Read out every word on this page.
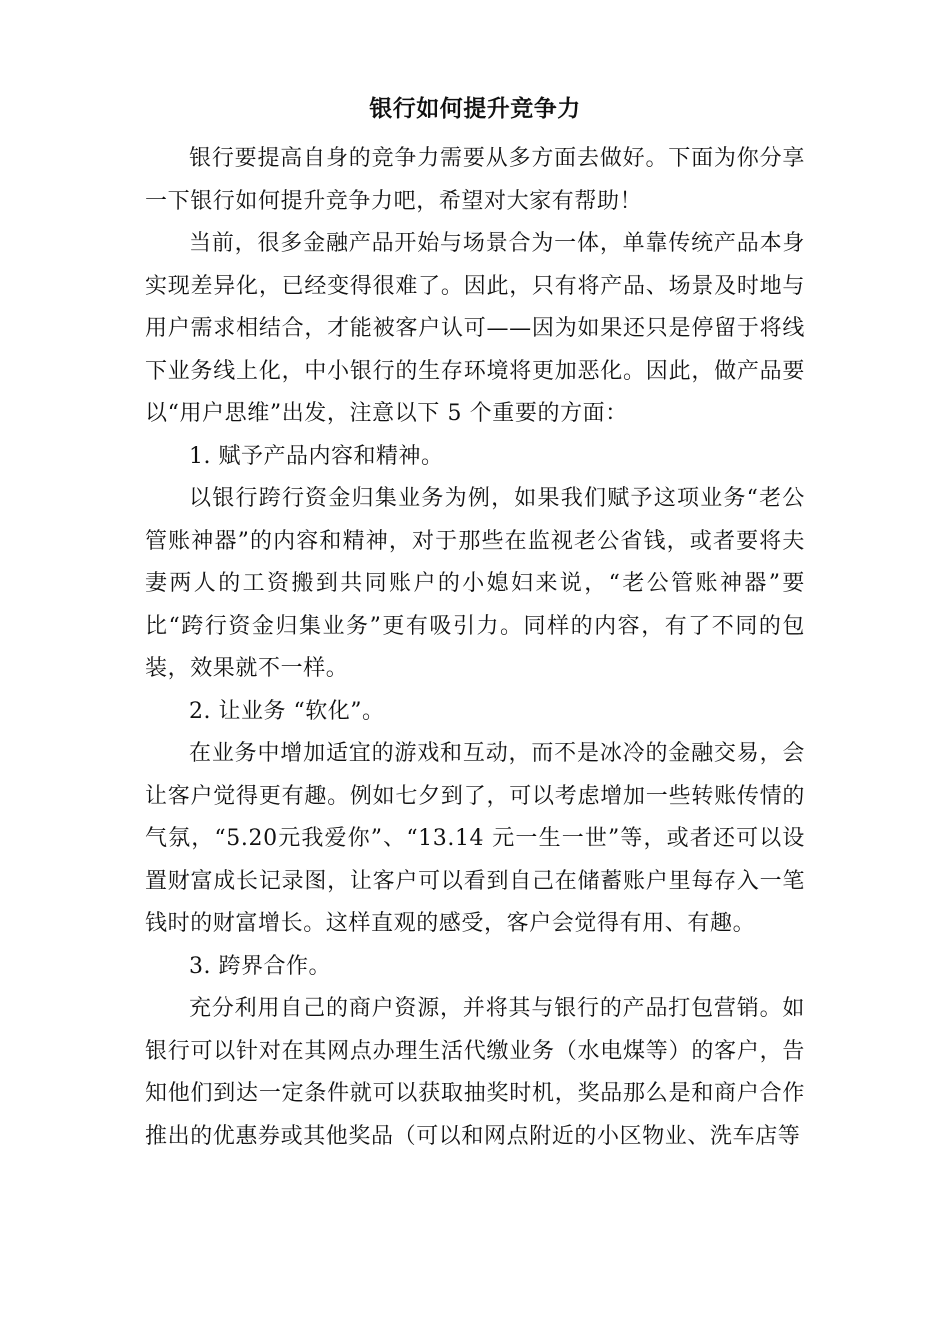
银行如何提升竞争力

银行要提高自身的竞争力需要从多方面去做好。下面为你分享一下银行如何提升竞争力吧，希望对大家有帮助！

当前，很多金融产品开始与场景合为一体，单靠传统产品本身实现差异化，已经变得很难了。因此，只有将产品、场景及时地与用户需求相结合，才能被客户认可——因为如果还只是停留于将线下业务线上化，中小银行的生存环境将更加恶化。因此，做产品要以“用户思维”出发，注意以下 5 个重要的方面：

1. 赋予产品内容和精神。

以银行跨行资金归集业务为例，如果我们赋予这项业务“老公管账神器”的内容和精神，对于那些在监视老公省钱，或者要将夫妻两人的工资搬到共同账户的小媳妇来说，“老公管账神器”要比“跨行资金归集业务”更有吸引力。同样的内容，有了不同的包装，效果就不一样。

2. 让业务 “软化”。

在业务中增加适宜的游戏和互动，而不是冰冷的金融交易，会让客户觉得更有趣。例如七夕到了，可以考虑增加一些转账传情的气氛，“5.20元我爱你”、“13.14 元一生一世”等，或者还可以设置财富成长记录图，让客户可以看到自己在储蓄账户里每存入一笔钱时的财富增长。这样直观的感受，客户会觉得有用、有趣。

3. 跨界合作。

充分利用自己的商户资源，并将其与银行的产品打包营销。如银行可以针对在其网点办理生活代缴业务（水电煤等）的客户，告知他们到达一定条件就可以获取抽奖时机，奖品那么是和商户合作推出的优惠券或其他奖品（可以和网点附近的小区物业、洗车店等
